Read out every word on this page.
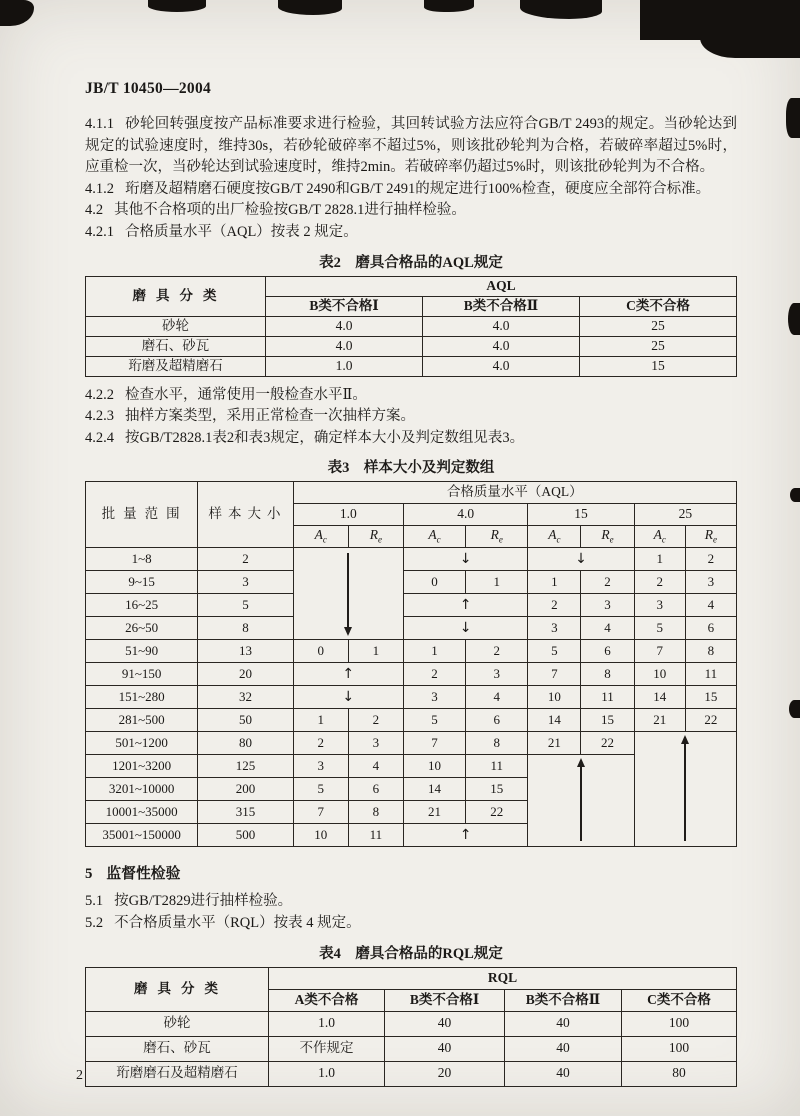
JB/T 10450—2004

4.1.1 砂轮回转强度按产品标准要求进行检验，其回转试验方法应符合GB/T 2493的规定。当砂轮达到规定的试验速度时，维持30s，若砂轮破碎率不超过5%，则该批砂轮判为合格，若破碎率超过5%时，应重检一次，当砂轮达到试验速度时，维持2min。若破碎率仍超过5%时，则该批砂轮判为不合格。

4.1.2 珩磨及超精磨石硬度按GB/T 2490和GB/T 2491的规定进行100%检查，硬度应全部符合标准。

4.2 其他不合格项的出厂检验按GB/T 2828.1进行抽样检验。

4.2.1 合格质量水平（AQL）按表 2 规定。

表2　磨具合格品的AQL规定
磨具分类	AQL		
	B类不合格Ⅰ	B类不合格Ⅱ	C类不合格
砂轮	4.0	4.0	25
磨石、砂瓦	4.0	4.0	25
珩磨及超精磨石	1.0	4.0	15

4.2.2 检查水平，通常使用一般检查水平Ⅱ。

4.2.3 抽样方案类型，采用正常检查一次抽样方案。

4.2.4 按GB/T2828.1表2和表3规定，确定样本大小及判定数组见表3。

表3　样本大小及判定数组
批量范围	样本大小	合格质量水平（AQL）							
		1.0		4.0		15		25	
		$A_c$	$R_e$	$A_c$	$R_e$	$A_c$	$R_e$	$A_c$	$R_e$
1~8	2			↓		↓		1	2
9~15	3			0	1	1	2	2	3
16~25	5			↑		2	3	3	4
26~50	8			↓		3	4	5	6
51~90	13	0	1	1	2	5	6	7	8
91~150	20	↑		2	3	7	8	10	11
151~280	32	↓		3	4	10	11	14	15
281~500	50	1	2	5	6	14	15	21	22
501~1200	80	2	3	7	8	21	22		

1201~3200	125	3	4	10	11				

3201~10000	200	5	6	14	15				
10001~35000	315	7	8	21	22				
35001~150000	500	10	11	↑					
5 监督性检验

5.1 按GB/T2829进行抽样检验。

5.2 不合格质量水平（RQL）按表 4 规定。

表4　磨具合格品的RQL规定
磨具分类	RQL			
	A类不合格	B类不合格Ⅰ	B类不合格Ⅱ	C类不合格
砂轮	1.0	40	40	100
磨石、砂瓦	不作规定	40	40	100
珩磨磨石及超精磨石	1.0	20	40	80
2
